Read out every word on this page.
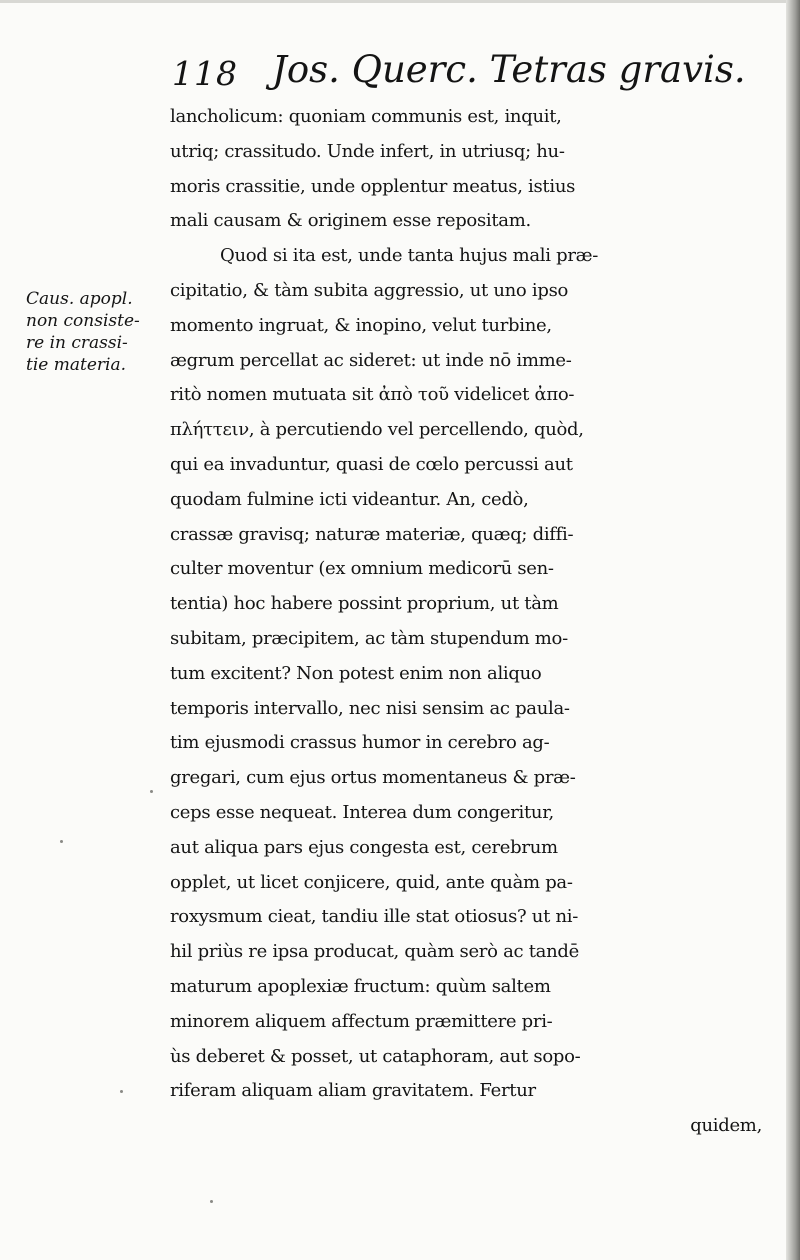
118 Jos. Querc. Tetras gravis.
Caus. apopl.
non consiste-
re in crassi-
tie materia.
lancholicum: quoniam communis est, inquit,
utriq; crassitudo. Unde infert, in utriusq; hu-
moris crassitie, unde opplentur meatus, istius
mali causam & originem esse repositam.
Quod si ita est, unde tanta hujus mali præ-
cipitatio, & tàm subita aggressio, ut uno ipso
momento ingruat, & inopino, velut turbine,
ægrum percellat ac sideret: ut inde nō imme-
ritò nomen mutuata sit ἀπὸ τοῦ videlicet ἀπο-
πλήττειν, à percutiendo vel percellendo, quòd,
qui ea invaduntur, quasi de cœlo percussi aut
quodam fulmine icti videantur. An, cedò,
crassæ gravisq; naturæ materiæ, quæq; diffi-
culter moventur (ex omnium medicorū sen-
tentia) hoc habere possint proprium, ut tàm
subitam, præcipitem, ac tàm stupendum mo-
tum excitent? Non potest enim non aliquo
temporis intervallo, nec nisi sensim ac paula-
tim ejusmodi crassus humor in cerebro ag-
gregari, cum ejus ortus momentaneus & præ-
ceps esse nequeat. Interea dum congeritur,
aut aliqua pars ejus congesta est, cerebrum
opplet, ut licet conjicere, quid, ante quàm pa-
roxysmum cieat, tandiu ille stat otiosus? ut ni-
hil priùs re ipsa producat, quàm serò ac tandē
maturum apoplexiæ fructum: quùm saltem
minorem aliquem affectum præmittere pri-
ùs deberet & posset, ut cataphoram, aut sopo-
riferam aliquam aliam gravitatem. Fertur
quidem,
